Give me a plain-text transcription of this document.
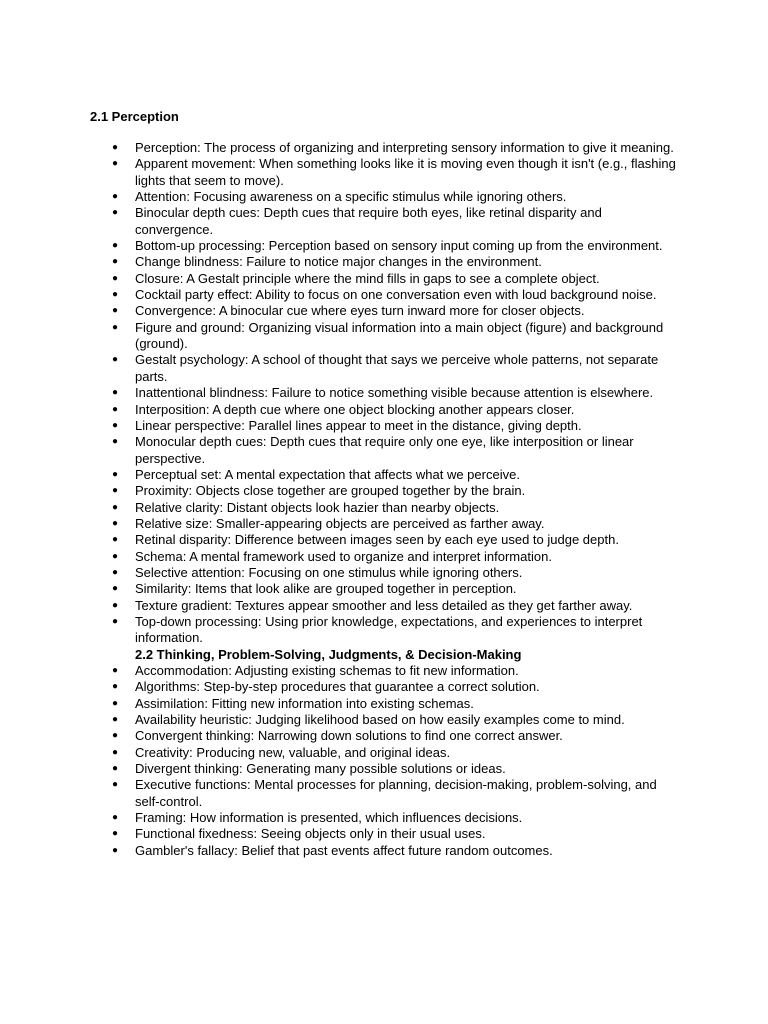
2.1 Perception
● Perception: The process of organizing and interpreting sensory information to give it meaning.
● Apparent movement: When something looks like it is moving even though it isn't (e.g., flashing lights that seem to move).
● Attention: Focusing awareness on a specific stimulus while ignoring others.
● Binocular depth cues: Depth cues that require both eyes, like retinal disparity and convergence.
● Bottom-up processing: Perception based on sensory input coming up from the environment.
● Change blindness: Failure to notice major changes in the environment.
● Closure: A Gestalt principle where the mind fills in gaps to see a complete object.
● Cocktail party effect: Ability to focus on one conversation even with loud background noise.
● Convergence: A binocular cue where eyes turn inward more for closer objects.
● Figure and ground: Organizing visual information into a main object (figure) and background (ground).
● Gestalt psychology: A school of thought that says we perceive whole patterns, not separate parts.
● Inattentional blindness: Failure to notice something visible because attention is elsewhere.
● Interposition: A depth cue where one object blocking another appears closer.
● Linear perspective: Parallel lines appear to meet in the distance, giving depth.
● Monocular depth cues: Depth cues that require only one eye, like interposition or linear perspective.
● Perceptual set: A mental expectation that affects what we perceive.
● Proximity: Objects close together are grouped together by the brain.
● Relative clarity: Distant objects look hazier than nearby objects.
● Relative size: Smaller-appearing objects are perceived as farther away.
● Retinal disparity: Difference between images seen by each eye used to judge depth.
● Schema: A mental framework used to organize and interpret information.
● Selective attention: Focusing on one stimulus while ignoring others.
● Similarity: Items that look alike are grouped together in perception.
● Texture gradient: Textures appear smoother and less detailed as they get farther away.
● Top-down processing: Using prior knowledge, expectations, and experiences to interpret information.
2.2 Thinking, Problem-Solving, Judgments, & Decision-Making
● Accommodation: Adjusting existing schemas to fit new information.
● Algorithms: Step-by-step procedures that guarantee a correct solution.
● Assimilation: Fitting new information into existing schemas.
● Availability heuristic: Judging likelihood based on how easily examples come to mind.
● Convergent thinking: Narrowing down solutions to find one correct answer.
● Creativity: Producing new, valuable, and original ideas.
● Divergent thinking: Generating many possible solutions or ideas.
● Executive functions: Mental processes for planning, decision-making, problem-solving, and self-control.
● Framing: How information is presented, which influences decisions.
● Functional fixedness: Seeing objects only in their usual uses.
● Gambler's fallacy: Belief that past events affect future random outcomes.
